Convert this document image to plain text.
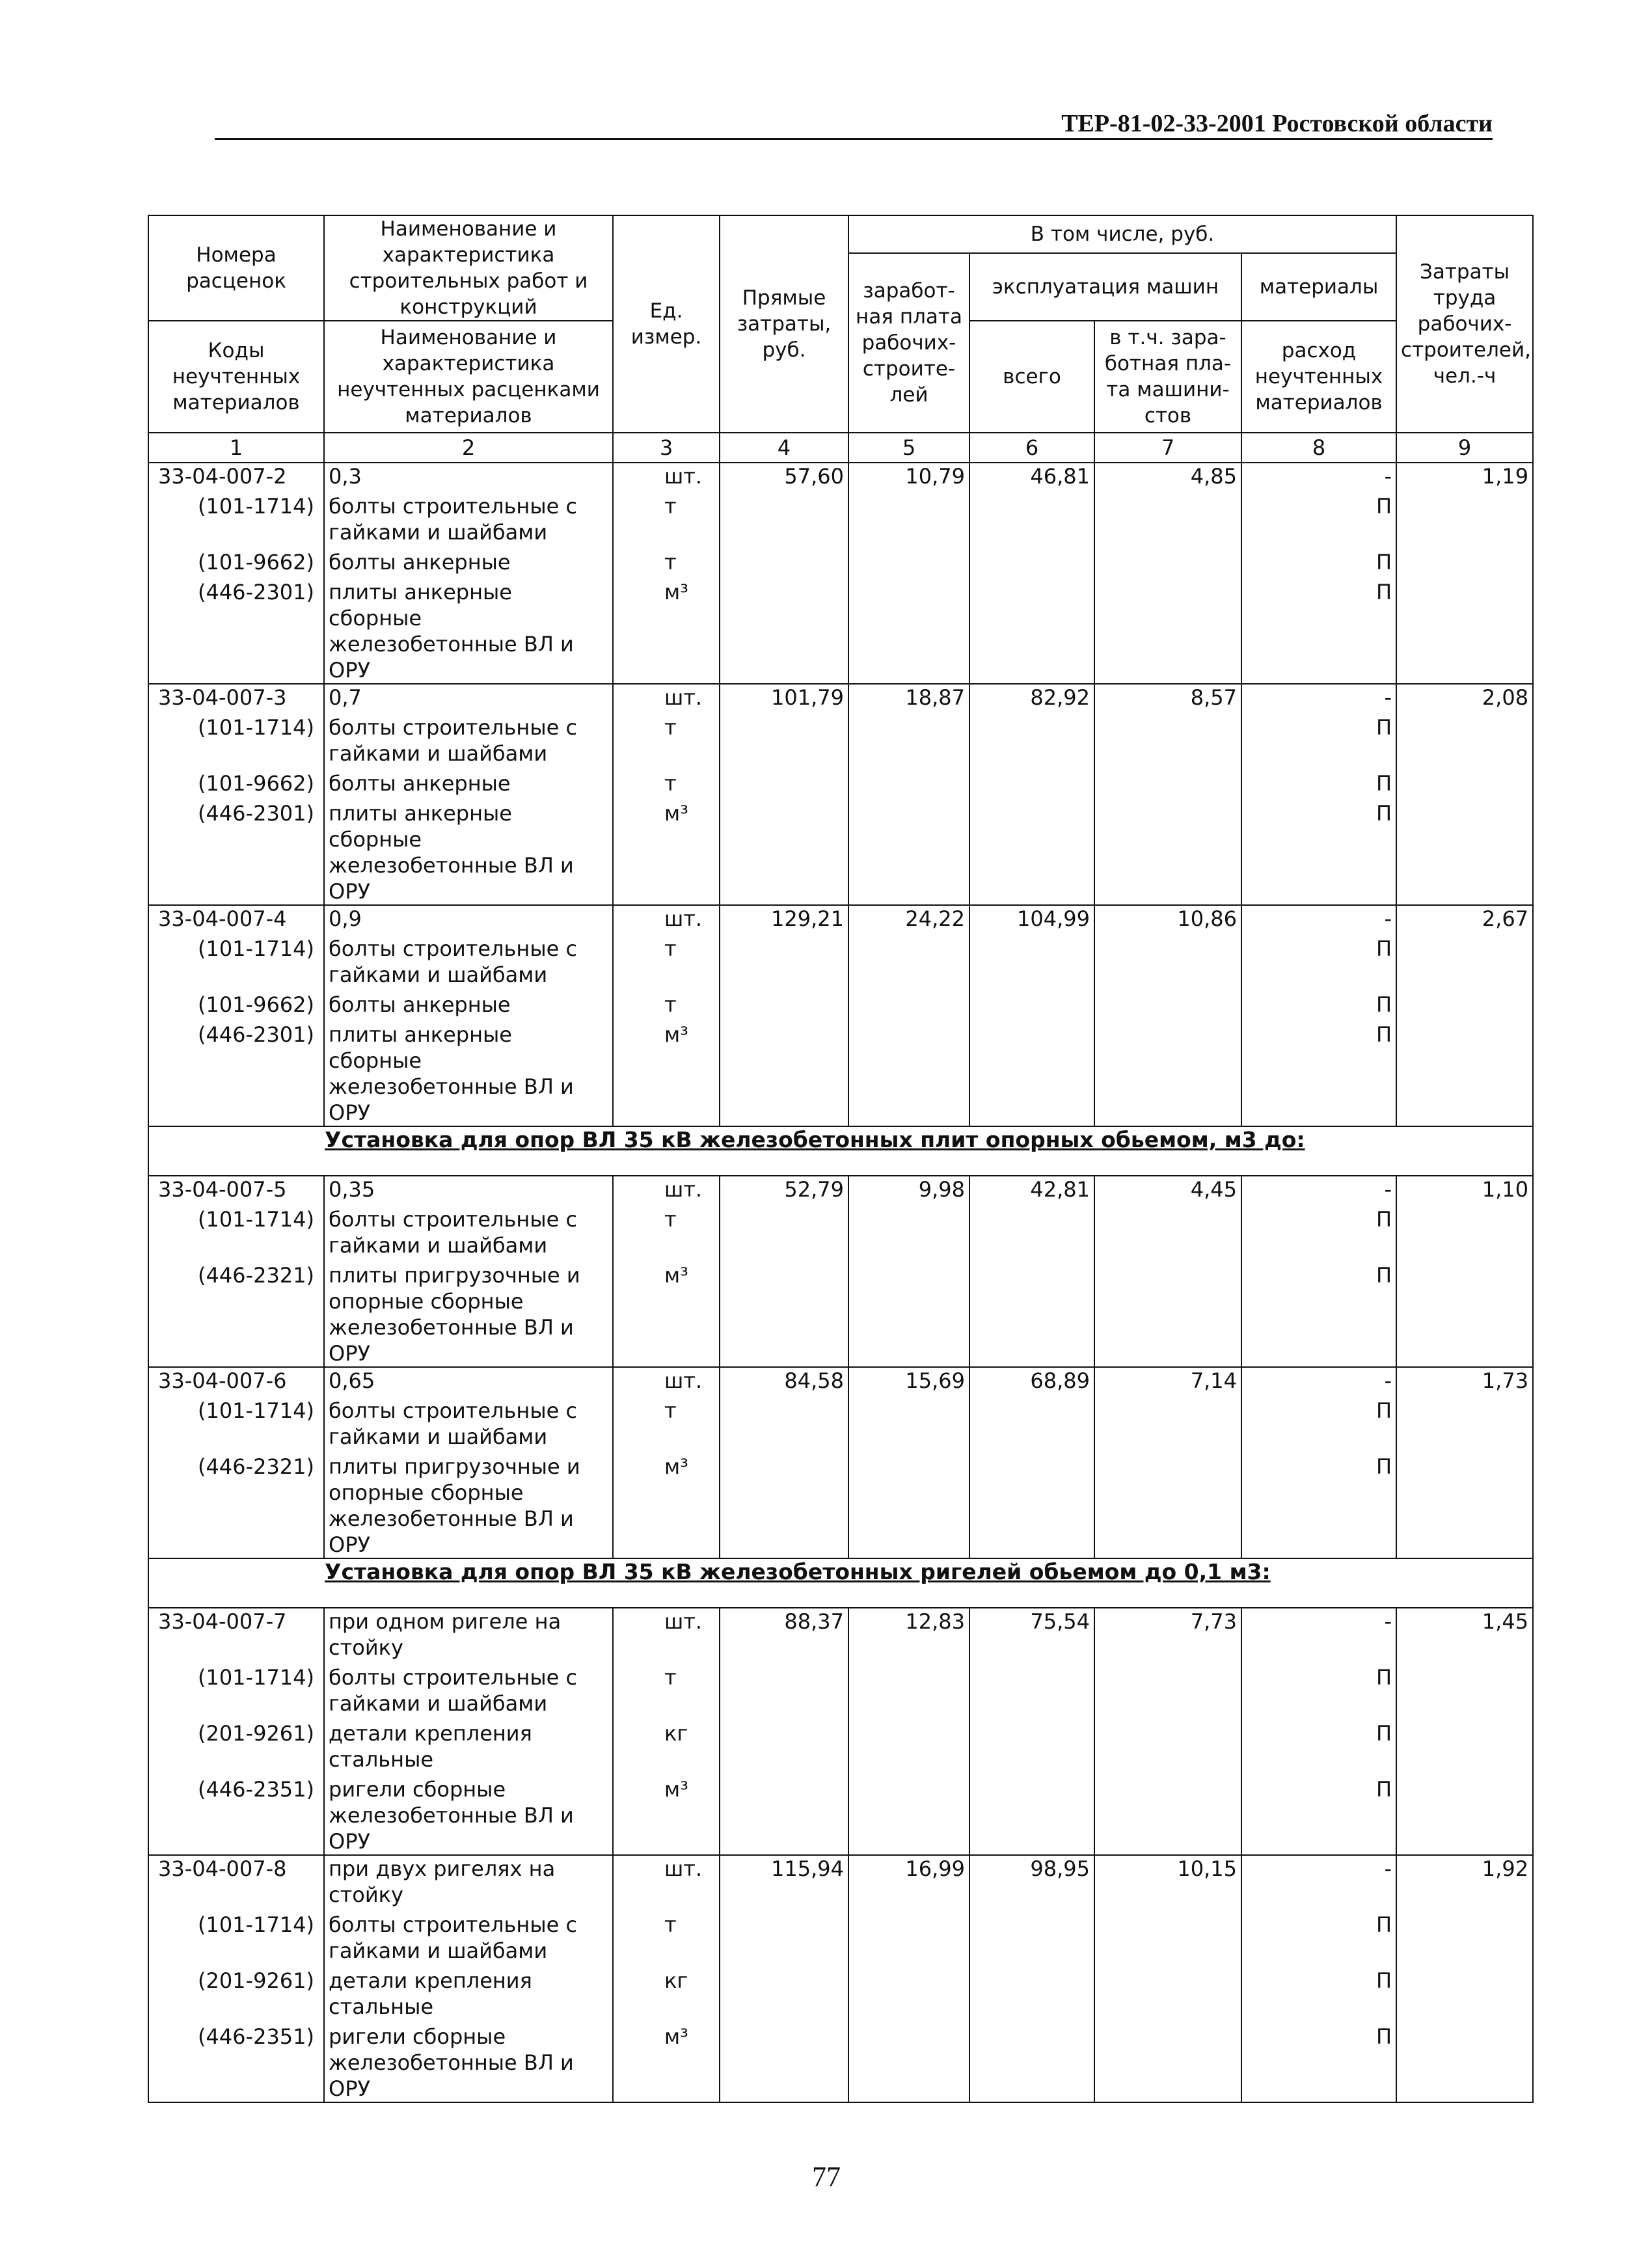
ТЕР-81-02-33-2001 Ростовской области
Номера расценок	Наименование и характеристика строительных работ и конструкций	Ед. измер.	Прямые затраты, руб.	В том числе, руб.				Затраты труда рабочих- строителей, чел.-ч
				заработ- ная плата рабочих- строите- лей	эксплуатация машин		материалы	
Коды неучтенных материалов	Наименование и характеристика неучтенных расценками материалов				всего	в т.ч. зара- ботная пла- та машини- стов	расход неучтенных материалов	

1	2	3	4	5	6	7	8	9
33-04-007-2	0,3	шт.	57,60	10,79	46,81	4,85	-	1,19
(101-1714)	болты строительные с гайками и шайбами	т					П	
(101-9662)	болты анкерные	т					П	
(446-2301)	плиты анкерные сборные железобетонные ВЛ и ОРУ	м³					П	
33-04-007-3	0,7	шт.	101,79	18,87	82,92	8,57	-	2,08
(101-1714)	болты строительные с гайками и шайбами	т					П	
(101-9662)	болты анкерные	т					П	
(446-2301)	плиты анкерные сборные железобетонные ВЛ и ОРУ	м³					П	
33-04-007-4	0,9	шт.	129,21	24,22	104,99	10,86	-	2,67
(101-1714)	болты строительные с гайками и шайбами	т					П	
(101-9662)	болты анкерные	т					П	
(446-2301)	плиты анкерные сборные железобетонные ВЛ и ОРУ	м³					П	
Установка для опор ВЛ 35 кВ железобетонных плит опорных обьемом, м3 до:								
33-04-007-5	0,35	шт.	52,79	9,98	42,81	4,45	-	1,10
(101-1714)	болты строительные с гайками и шайбами	т					П	
(446-2321)	плиты пригрузочные и опорные сборные железобетонные ВЛ и ОРУ	м³					П	
33-04-007-6	0,65	шт.	84,58	15,69	68,89	7,14	-	1,73
(101-1714)	болты строительные с гайками и шайбами	т					П	
(446-2321)	плиты пригрузочные и опорные сборные железобетонные ВЛ и ОРУ	м³					П	
Установка для опор ВЛ 35 кВ железобетонных ригелей обьемом до 0,1 м3:								
33-04-007-7	при одном ригеле на стойку	шт.	88,37	12,83	75,54	7,73	-	1,45
(101-1714)	болты строительные с гайками и шайбами	т					П	
(201-9261)	детали крепления стальные	кг					П	
(446-2351)	ригели сборные железобетонные ВЛ и ОРУ	м³					П	
33-04-007-8	при двух ригелях на стойку	шт.	115,94	16,99	98,95	10,15	-	1,92
(101-1714)	болты строительные с гайками и шайбами	т					П	
(201-9261)	детали крепления стальные	кг					П	
(446-2351)	ригели сборные железобетонные ВЛ и ОРУ	м³					П	
77
